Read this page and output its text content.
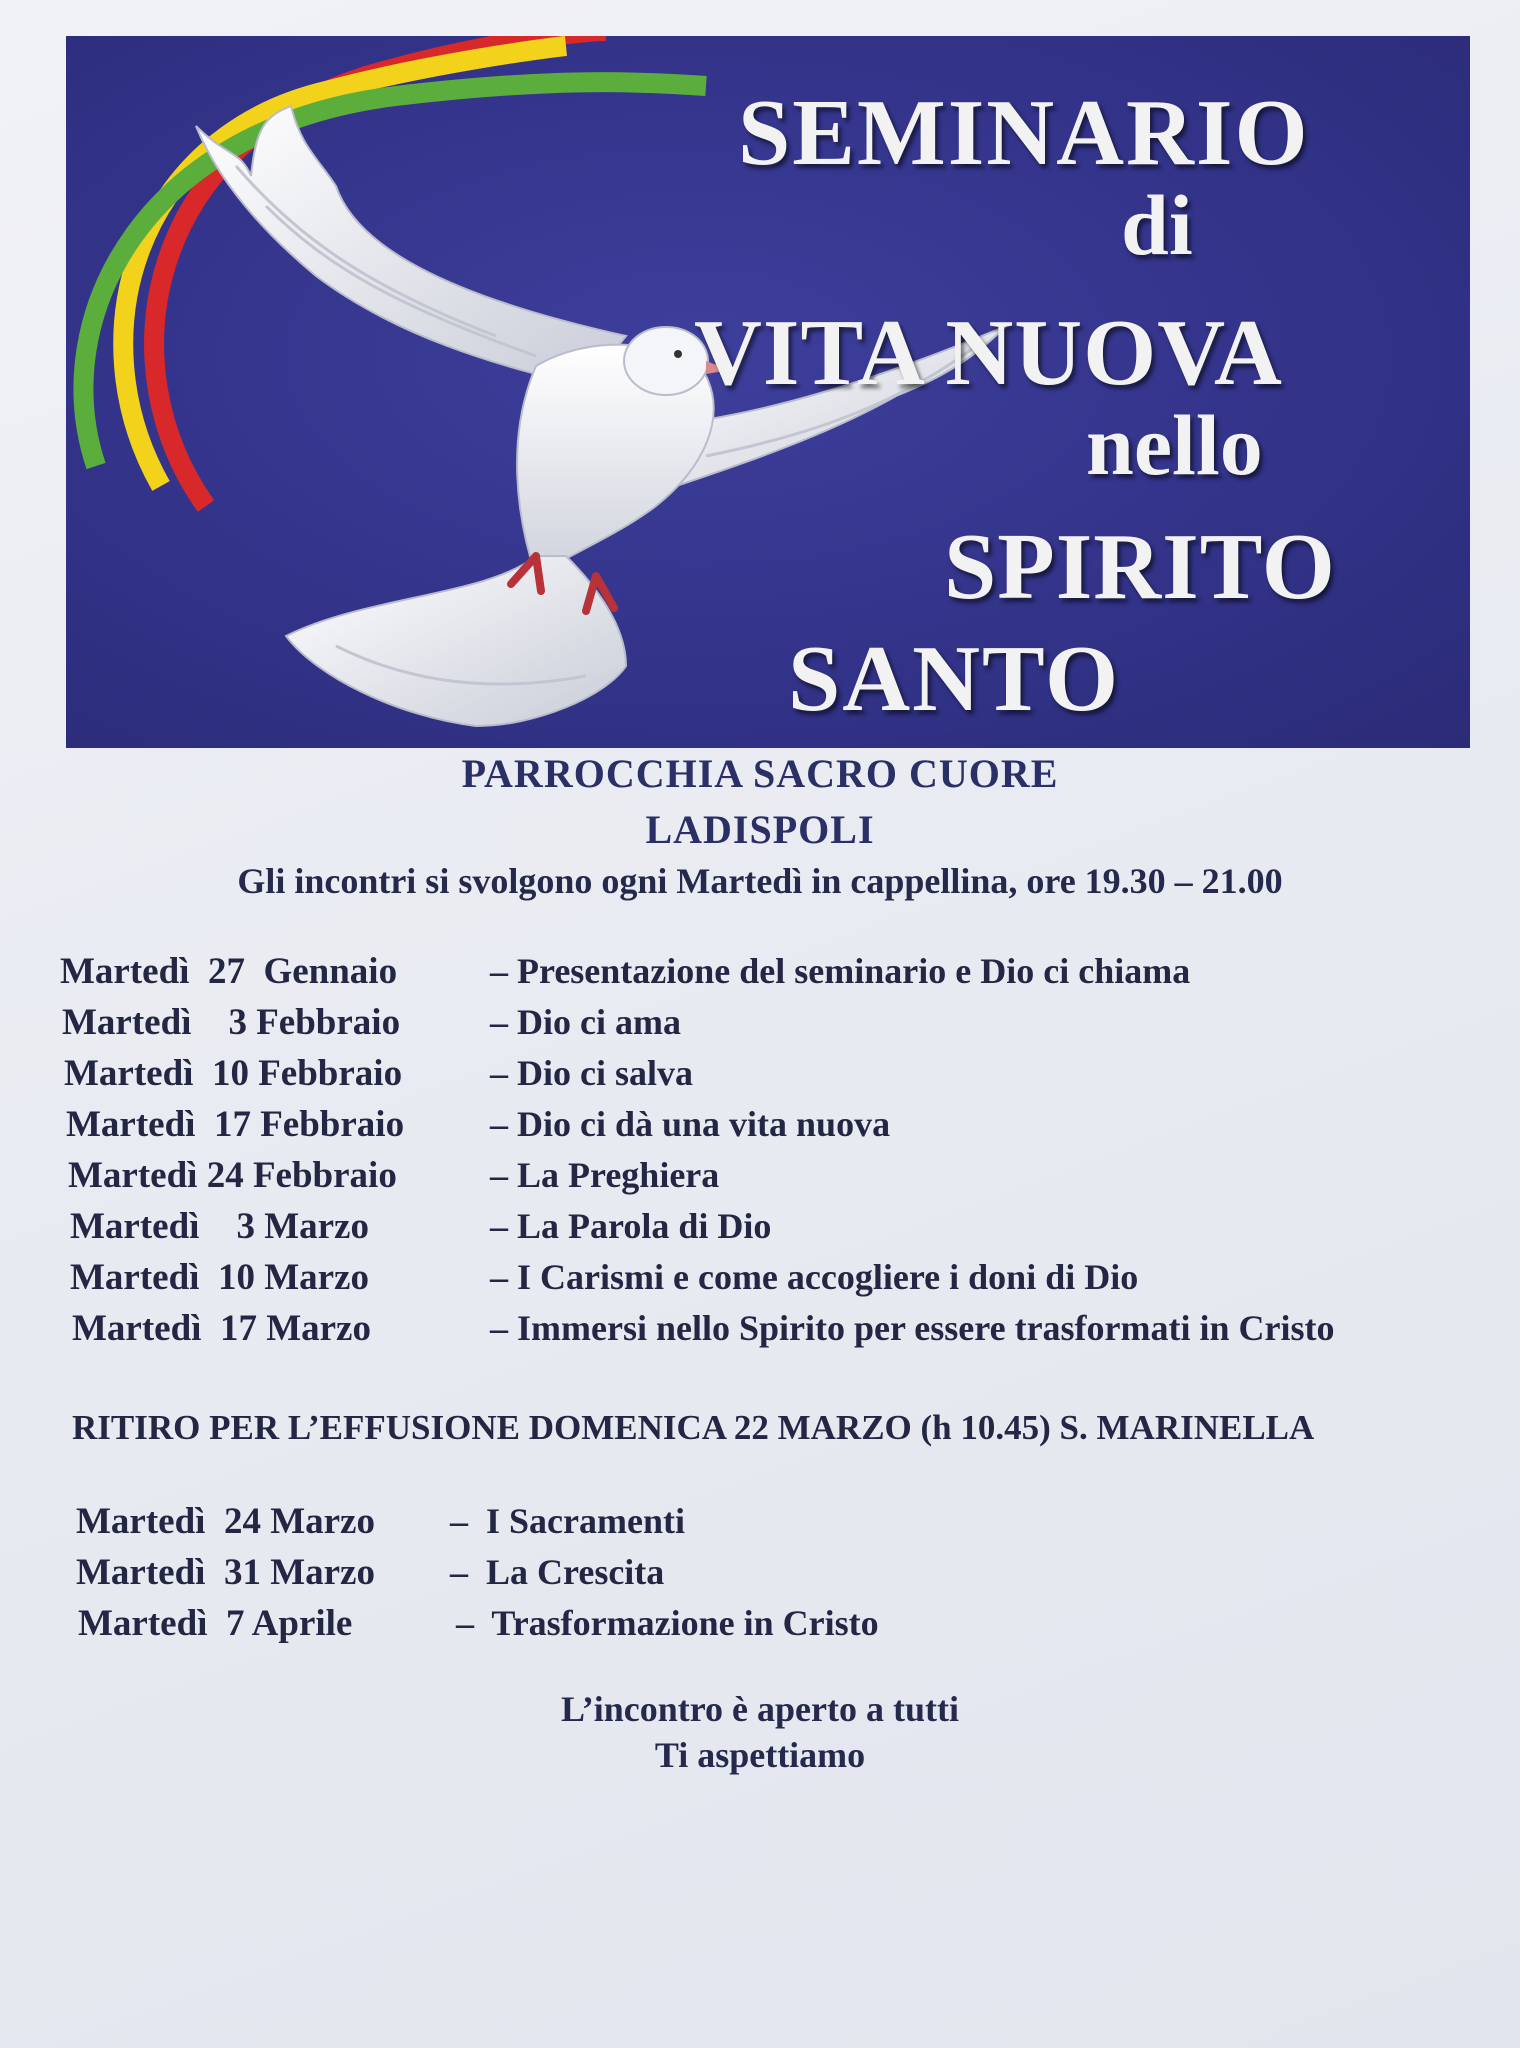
SEMINARIO
di
VITA NUOVA
nello
SPIRITO
SANTO
PARROCCHIA SACRO CUORE
LADISPOLI
Gli incontri si svolgono ogni Martedì in cappellina, ore 19.30 – 21.00
Martedì  27  Gennaio	– Presentazione del seminario e Dio ci chiama
Martedì    3 Febbraio – Dio ci ama
Martedì  10 Febbraio – Dio ci salva
Martedì  17 Febbraio – Dio ci dà una vita nuova
Martedì 24 Febbraio	– La Preghiera
Martedì    3 Marzo	– La Parola di Dio
Martedì  10 Marzo	– I Carismi e come accogliere i doni di Dio
Martedì  17 Marzo	– Immersi nello Spirito per essere trasformati in Cristo
RITIRO PER L’EFFUSIONE DOMENICA 22 MARZO (h 10.45) S. MARINELLA
Martedì  24 Marzo –  I Sacramenti
Martedì  31 Marzo –  La Crescita
Martedì  7 Aprile	–  Trasformazione in Cristo
L’incontro è aperto a tutti
Ti aspettiamo
